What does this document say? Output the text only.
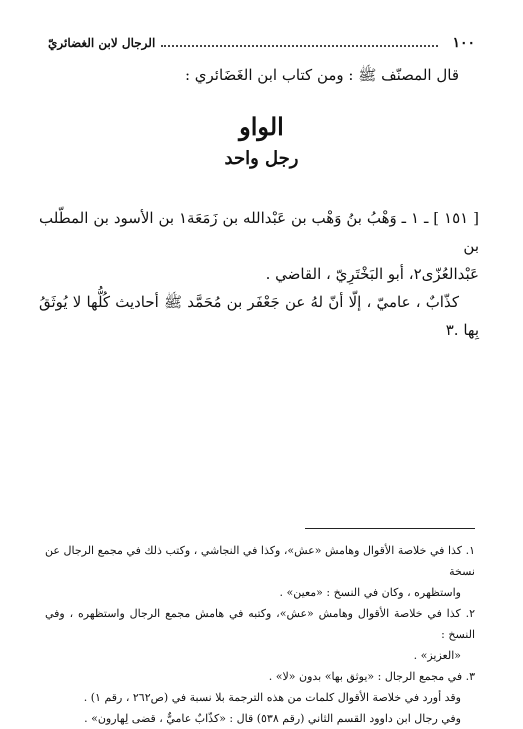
١٠٠
الرجال لابن الغضائريّ
قال المصنّف ﷺ : ومن كتاب ابن الغَضَائري :
الواو
رجل واحد

[ ١٥١ ] ـ ١ ـ وَهْبُ بنُ وَهْب بن عَبْدالله بن زَمَعَة١ بن الأسود بن المطّلب بن

عَبْدالعُزّى٢، أبو البَخْتَرِيّ ، القاضي .

كذّابٌ ، عاميّ ، إلّا أنّ لهُ عن جَعْفَر بن مُحَمَّد ﷺ أحاديث كُلُّها لا يُوثَقُ بِها .٣

١. كذا في خلاصة الأقوال وهامش «عش»، وكذا في النجاشي ، وكتب ذلك في مجمع الرجال عن نسخة

واستظهره ، وكان في النسخ : «معين» .

٢. كذا في خلاصة الأقوال وهامش «عش»، وكتبه في هامش مجمع الرجال واستظهره ، وفي النسخ :

«العزيز» .

٣. في مجمع الرجال : «يوثق بها» بدون «لا» .

وقد أورد في خلاصة الأقوال كلمات من هذه الترجمة بلا نسبة في (ص٢٦٢ ، رقم ١) .

وفي رجال ابن داوود القسم الثاني (رقم ٥٣٨) قال : «كذّابٌ عاميٌّ ، قضى لِهارون» .
